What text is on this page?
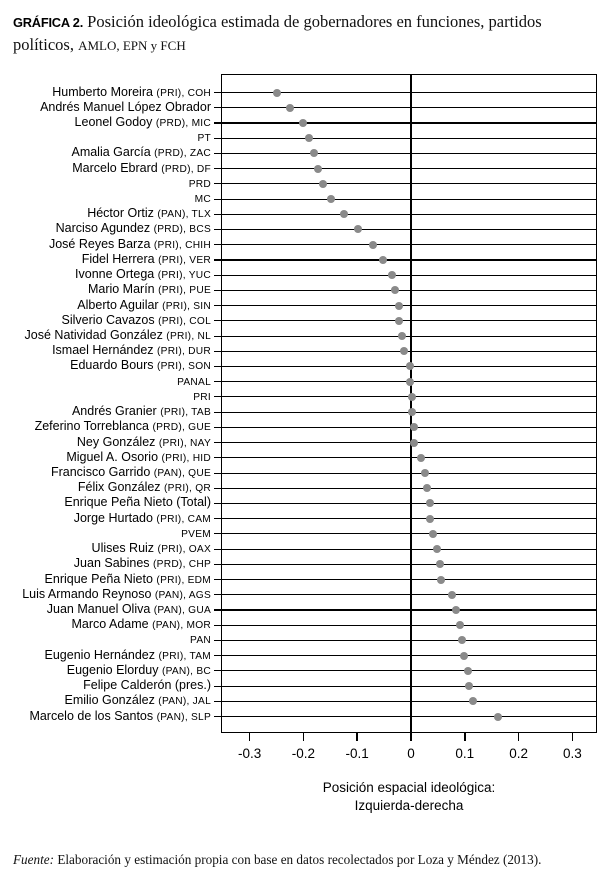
GRÁFICA 2. Posición ideológica estimada de gobernadores en funciones, partidos políticos, AMLO, EPN y FCH
Humberto Moreira (PRI), COH
Andrés Manuel López Obrador
Leonel Godoy (PRD), MIC
PT
Amalia García (PRD), ZAC
Marcelo Ebrard (PRD), DF
PRD
MC
Héctor Ortiz (PAN), TLX
Narciso Agundez (PRD), BCS
José Reyes Barza (PRI), CHIH
Fidel Herrera (PRI), VER
Ivonne Ortega (PRI), YUC
Mario Marín (PRI), PUE
Alberto Aguilar (PRI), SIN
Silverio Cavazos (PRI), COL
José Natividad González (PRI), NL
Ismael Hernández (PRI), DUR
Eduardo Bours (PRI), SON
PANAL
PRI
Andrés Granier (PRI), TAB
Zeferino Torreblanca (PRD), GUE
Ney González (PRI), NAY
Miguel A. Osorio (PRI), HID
Francisco Garrido (PAN), QUE
Félix González (PRI), QR
Enrique Peña Nieto (Total)
Jorge Hurtado (PRI), CAM
PVEM
Ulises Ruiz (PRI), OAX
Juan Sabines (PRD), CHP
Enrique Peña Nieto (PRI), EDM
Luis Armando Reynoso (PAN), AGS
Juan Manuel Oliva (PAN), GUA
Marco Adame (PAN), MOR
PAN
Eugenio Hernández (PRI), TAM
Eugenio Elorduy (PAN), BC
Felipe Calderón (pres.)
Emilio González (PAN), JAL
Marcelo de los Santos (PAN), SLP
-0.3 -0.2 -0.1	0	0.1	0.2	0.3
Posición espacial ideológica:
Izquierda-derecha
Fuente: Elaboración y estimación propia con base en datos recolectados por Loza y Méndez (2013).
